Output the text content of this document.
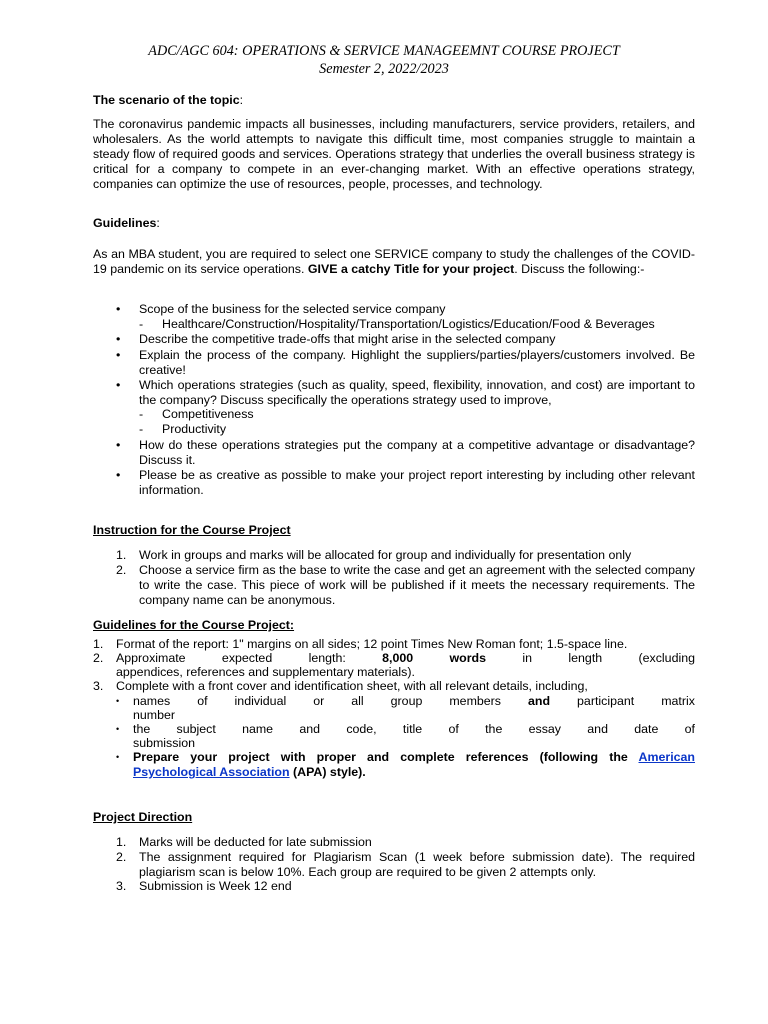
ADC/AGC 604: OPERATIONS & SERVICE MANAGEEMNT COURSE PROJECT
Semester 2, 2022/2023
The scenario of the topic:
The coronavirus pandemic impacts all businesses, including manufacturers, service providers, retailers, and wholesalers. As the world attempts to navigate this difficult time, most companies struggle to maintain a steady flow of required goods and services. Operations strategy that underlies the overall business strategy is critical for a company to compete in an ever-changing market. With an effective operations strategy, companies can optimize the use of resources, people, processes, and technology.
Guidelines:
As an MBA student, you are required to select one SERVICE company to study the challenges of the COVID-19 pandemic on its service operations. GIVE a catchy Title for your project. Discuss the following:-
• Scope of the business for the selected service company
- Healthcare/Construction/Hospitality/Transportation/Logistics/Education/Food & Beverages
• Describe the competitive trade-offs that might arise in the selected company
• Explain the process of the company. Highlight the suppliers/parties/players/customers involved. Be creative!
• Which operations strategies (such as quality, speed, flexibility, innovation, and cost) are important to the company? Discuss specifically the operations strategy used to improve,
- Competitiveness
- Productivity
• How do these operations strategies put the company at a competitive advantage or disadvantage? Discuss it.
• Please be as creative as possible to make your project report interesting by including other relevant information.
Instruction for the Course Project
1. Work in groups and marks will be allocated for group and individually for presentation only
2. Choose a service firm as the base to write the case and get an agreement with the selected company to write the case. This piece of work will be published if it meets the necessary requirements. The company name can be anonymous.
Guidelines for the Course Project:
1. Format of the report: 1" margins on all sides; 12 point Times New Roman font; 1.5-space line.
2. Approximate	expected	length:	8,000	words	in	length	(excluding
appendices, references and supplementary materials).
3. Complete with a front cover and identification sheet, with all relevant details, including,
• names of individual or all group members and participant matrix
number
• the subject name and code, title of the essay and date of
submission
• Prepare your project with proper and complete references (following the American Psychological Association (APA) style).
Project Direction
1. Marks will be deducted for late submission
2. The assignment required for Plagiarism Scan (1 week before submission date). The required plagiarism scan is below 10%. Each group are required to be given 2 attempts only.
3. Submission is Week 12 end
